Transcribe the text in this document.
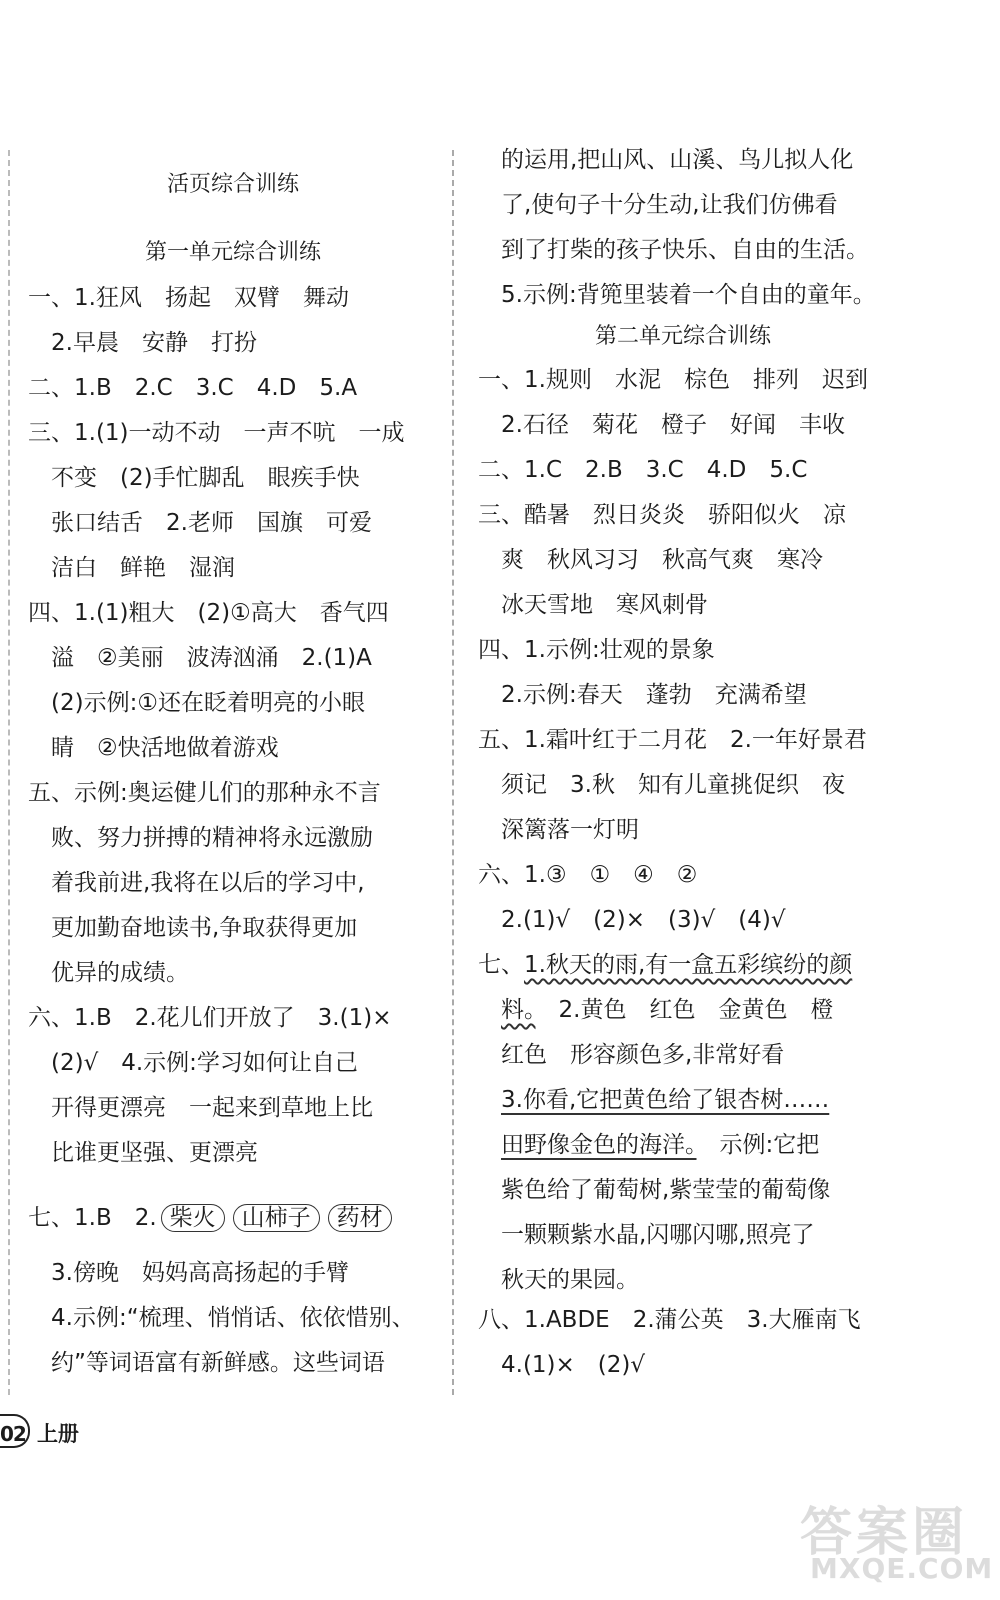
活页综合训练
第一单元综合训练
一、1.狂风　扬起　双臂　舞动
　2.早晨　安静　打扮
二、1.B　2.C　3.C　4.D　5.A
三、1.(1)一动不动　一声不吭　一成
　不变　(2)手忙脚乱　眼疾手快
　张口结舌　2.老师　国旗　可爱
　洁白　鲜艳　湿润
四、1.(1)粗大　(2)①高大　香气四
　溢　②美丽　波涛汹涌　2.(1)A
　(2)示例:①还在眨着明亮的小眼
　睛　②快活地做着游戏
五、示例:奥运健儿们的那种永不言
　败、努力拼搏的精神将永远激励
　着我前进,我将在以后的学习中,
　更加勤奋地读书,争取获得更加
　优异的成绩。
六、1.B　2.花儿们开放了　3.(1)×
　(2)√　4.示例:学习如何让自己
　开得更漂亮　一起来到草地上比
　比谁更坚强、更漂亮
七、1.B　2. 柴火 山柿子 药材
　3.傍晚　妈妈高高扬起的手臂
　4.示例:“梳理、悄悄话、依依惜别、
　约”等词语富有新鲜感。这些词语
　的运用,把山风、山溪、鸟儿拟人化
　了,使句子十分生动,让我们仿佛看
　到了打柴的孩子快乐、自由的生活。
　5.示例:背篼里装着一个自由的童年。
第二单元综合训练
一、1.规则　水泥　棕色　排列　迟到
　2.石径　菊花　橙子　好闻　丰收
二、1.C　2.B　3.C　4.D　5.C
三、酷暑　烈日炎炎　骄阳似火　凉
　爽　秋风习习　秋高气爽　寒冷
　冰天雪地　寒风刺骨
四、1.示例:壮观的景象
　2.示例:春天　蓬勃　充满希望
五、1.霜叶红于二月花　2.一年好景君
　须记　3.秋　知有儿童挑促织　夜
　深篱落一灯明
六、1.③　①　④　②
　2.(1)√　(2)×　(3)√　(4)√
七、1.秋天的雨,有一盒五彩缤纷的颜
　料。　2.黄色　红色　金黄色　橙
　红色　形容颜色多,非常好看
　3.你看,它把黄色给了银杏树……
　田野像金色的海洋。　示例:它把
　紫色给了葡萄树,紫莹莹的葡萄像
　一颗颗紫水晶,闪哪闪哪,照亮了
　秋天的果园。
八、1.ABDE　2.蒲公英　3.大雁南飞
　4.(1)×　(2)√
02 上册
答案圈
MXQE.COM
